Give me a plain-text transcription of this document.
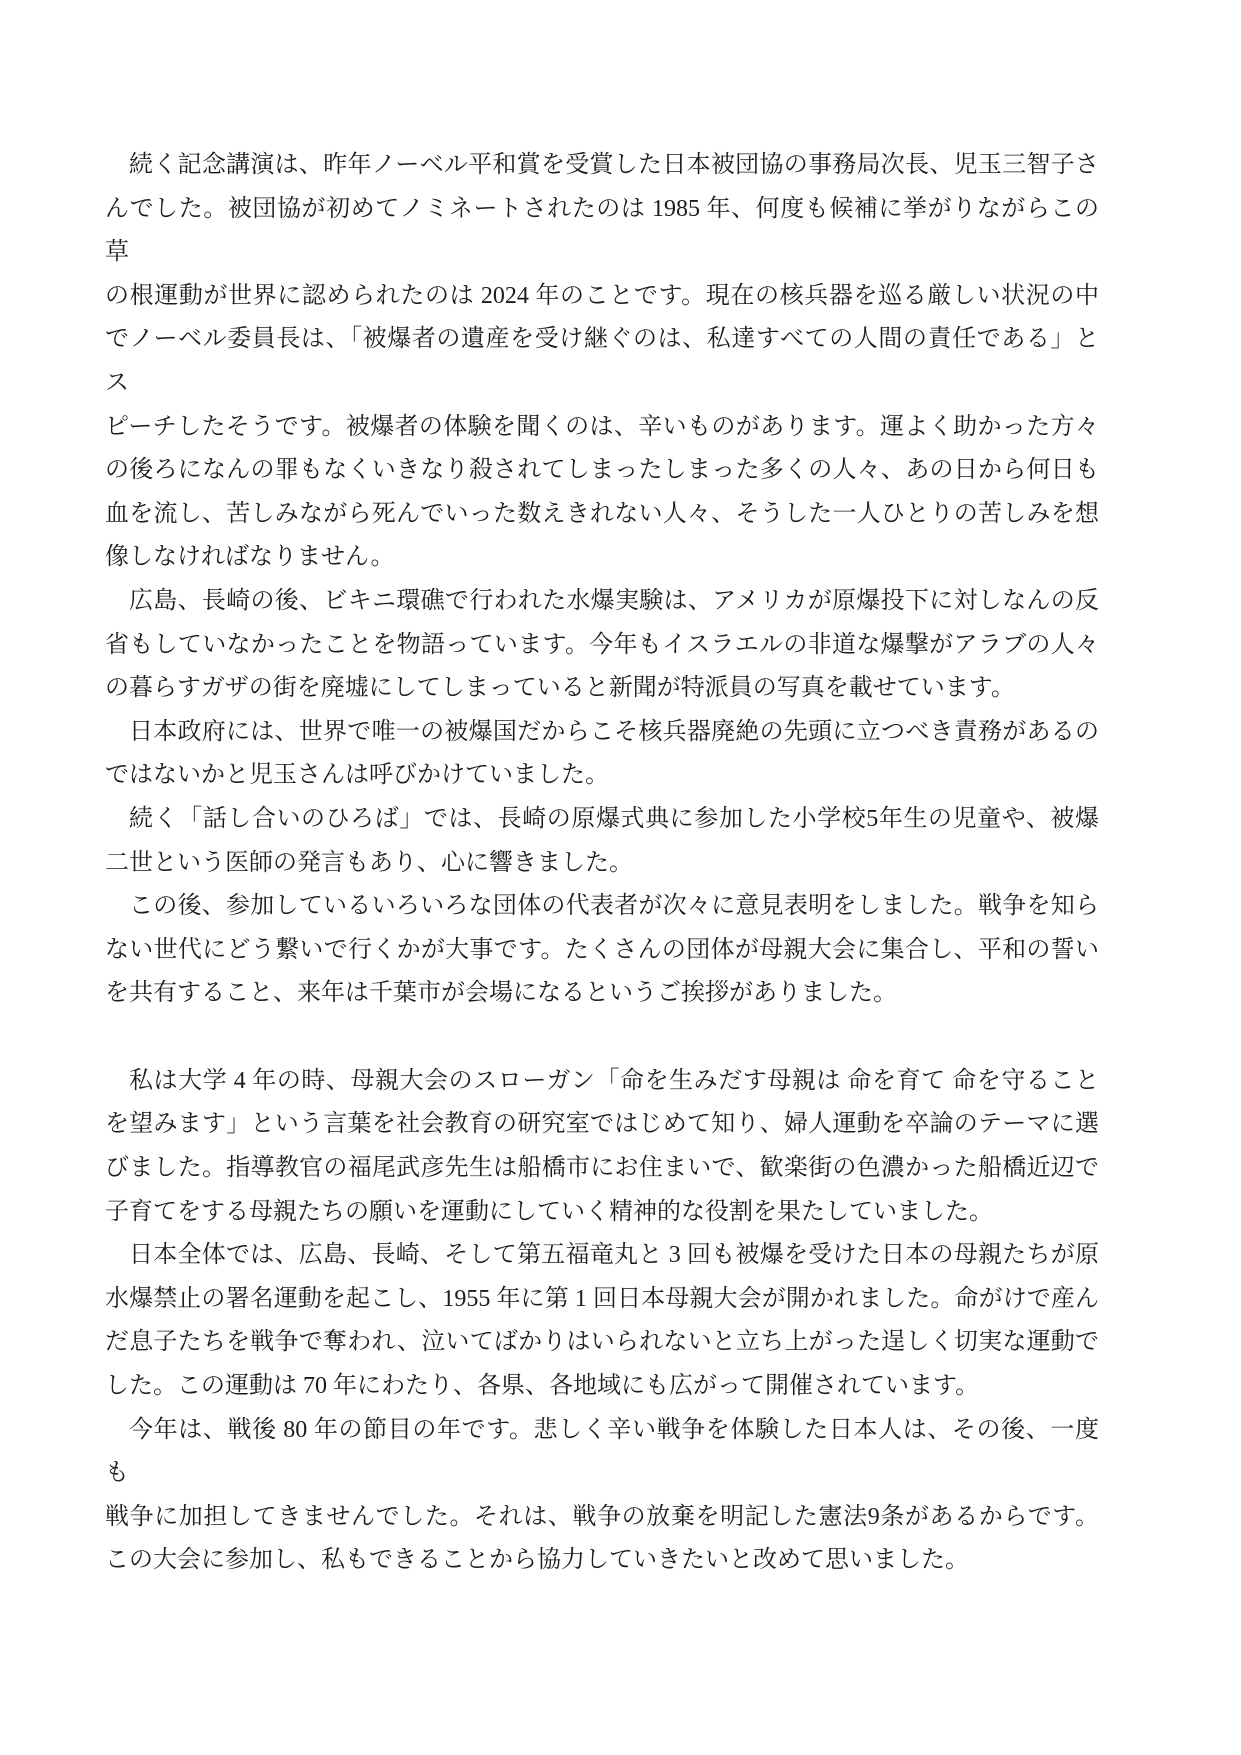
続く記念講演は、昨年ノーベル平和賞を受賞した日本被団協の事務局次長、児玉三智子さ
んでした。被団協が初めてノミネートされたのは 1985 年、何度も候補に挙がりながらこの草
の根運動が世界に認められたのは 2024 年のことです。現在の核兵器を巡る厳しい状況の中
でノーベル委員長は、「被爆者の遺産を受け継ぐのは、私達すべての人間の責任である」とス
ピーチしたそうです。被爆者の体験を聞くのは、辛いものがあります。運よく助かった方々
の後ろになんの罪もなくいきなり殺されてしまったしまった多くの人々、あの日から何日も
血を流し、苦しみながら死んでいった数えきれない人々、そうした一人ひとりの苦しみを想
像しなければなりません。
広島、長崎の後、ビキニ環礁で行われた水爆実験は、アメリカが原爆投下に対しなんの反
省もしていなかったことを物語っています。今年もイスラエルの非道な爆撃がアラブの人々
の暮らすガザの街を廃墟にしてしまっていると新聞が特派員の写真を載せています。
日本政府には、世界で唯一の被爆国だからこそ核兵器廃絶の先頭に立つべき責務があるの
ではないかと児玉さんは呼びかけていました。
続く「話し合いのひろば」では、長崎の原爆式典に参加した小学校5年生の児童や、被爆
二世という医師の発言もあり、心に響きました。
この後、参加しているいろいろな団体の代表者が次々に意見表明をしました。戦争を知ら
ない世代にどう繋いで行くかが大事です。たくさんの団体が母親大会に集合し、平和の誓い
を共有すること、来年は千葉市が会場になるというご挨拶がありました。
私は大学 4 年の時、母親大会のスローガン「命を生みだす母親は 命を育て 命を守ること
を望みます」という言葉を社会教育の研究室ではじめて知り、婦人運動を卒論のテーマに選
びました。指導教官の福尾武彦先生は船橋市にお住まいで、歓楽街の色濃かった船橋近辺で
子育てをする母親たちの願いを運動にしていく精神的な役割を果たしていました。
日本全体では、広島、長崎、そして第五福竜丸と 3 回も被爆を受けた日本の母親たちが原
水爆禁止の署名運動を起こし、1955 年に第 1 回日本母親大会が開かれました。命がけで産ん
だ息子たちを戦争で奪われ、泣いてばかりはいられないと立ち上がった逞しく切実な運動で
した。この運動は 70 年にわたり、各県、各地域にも広がって開催されています。
今年は、戦後 80 年の節目の年です。悲しく辛い戦争を体験した日本人は、その後、一度も
戦争に加担してきませんでした。それは、戦争の放棄を明記した憲法9条があるからです。
この大会に参加し、私もできることから協力していきたいと改めて思いました。
